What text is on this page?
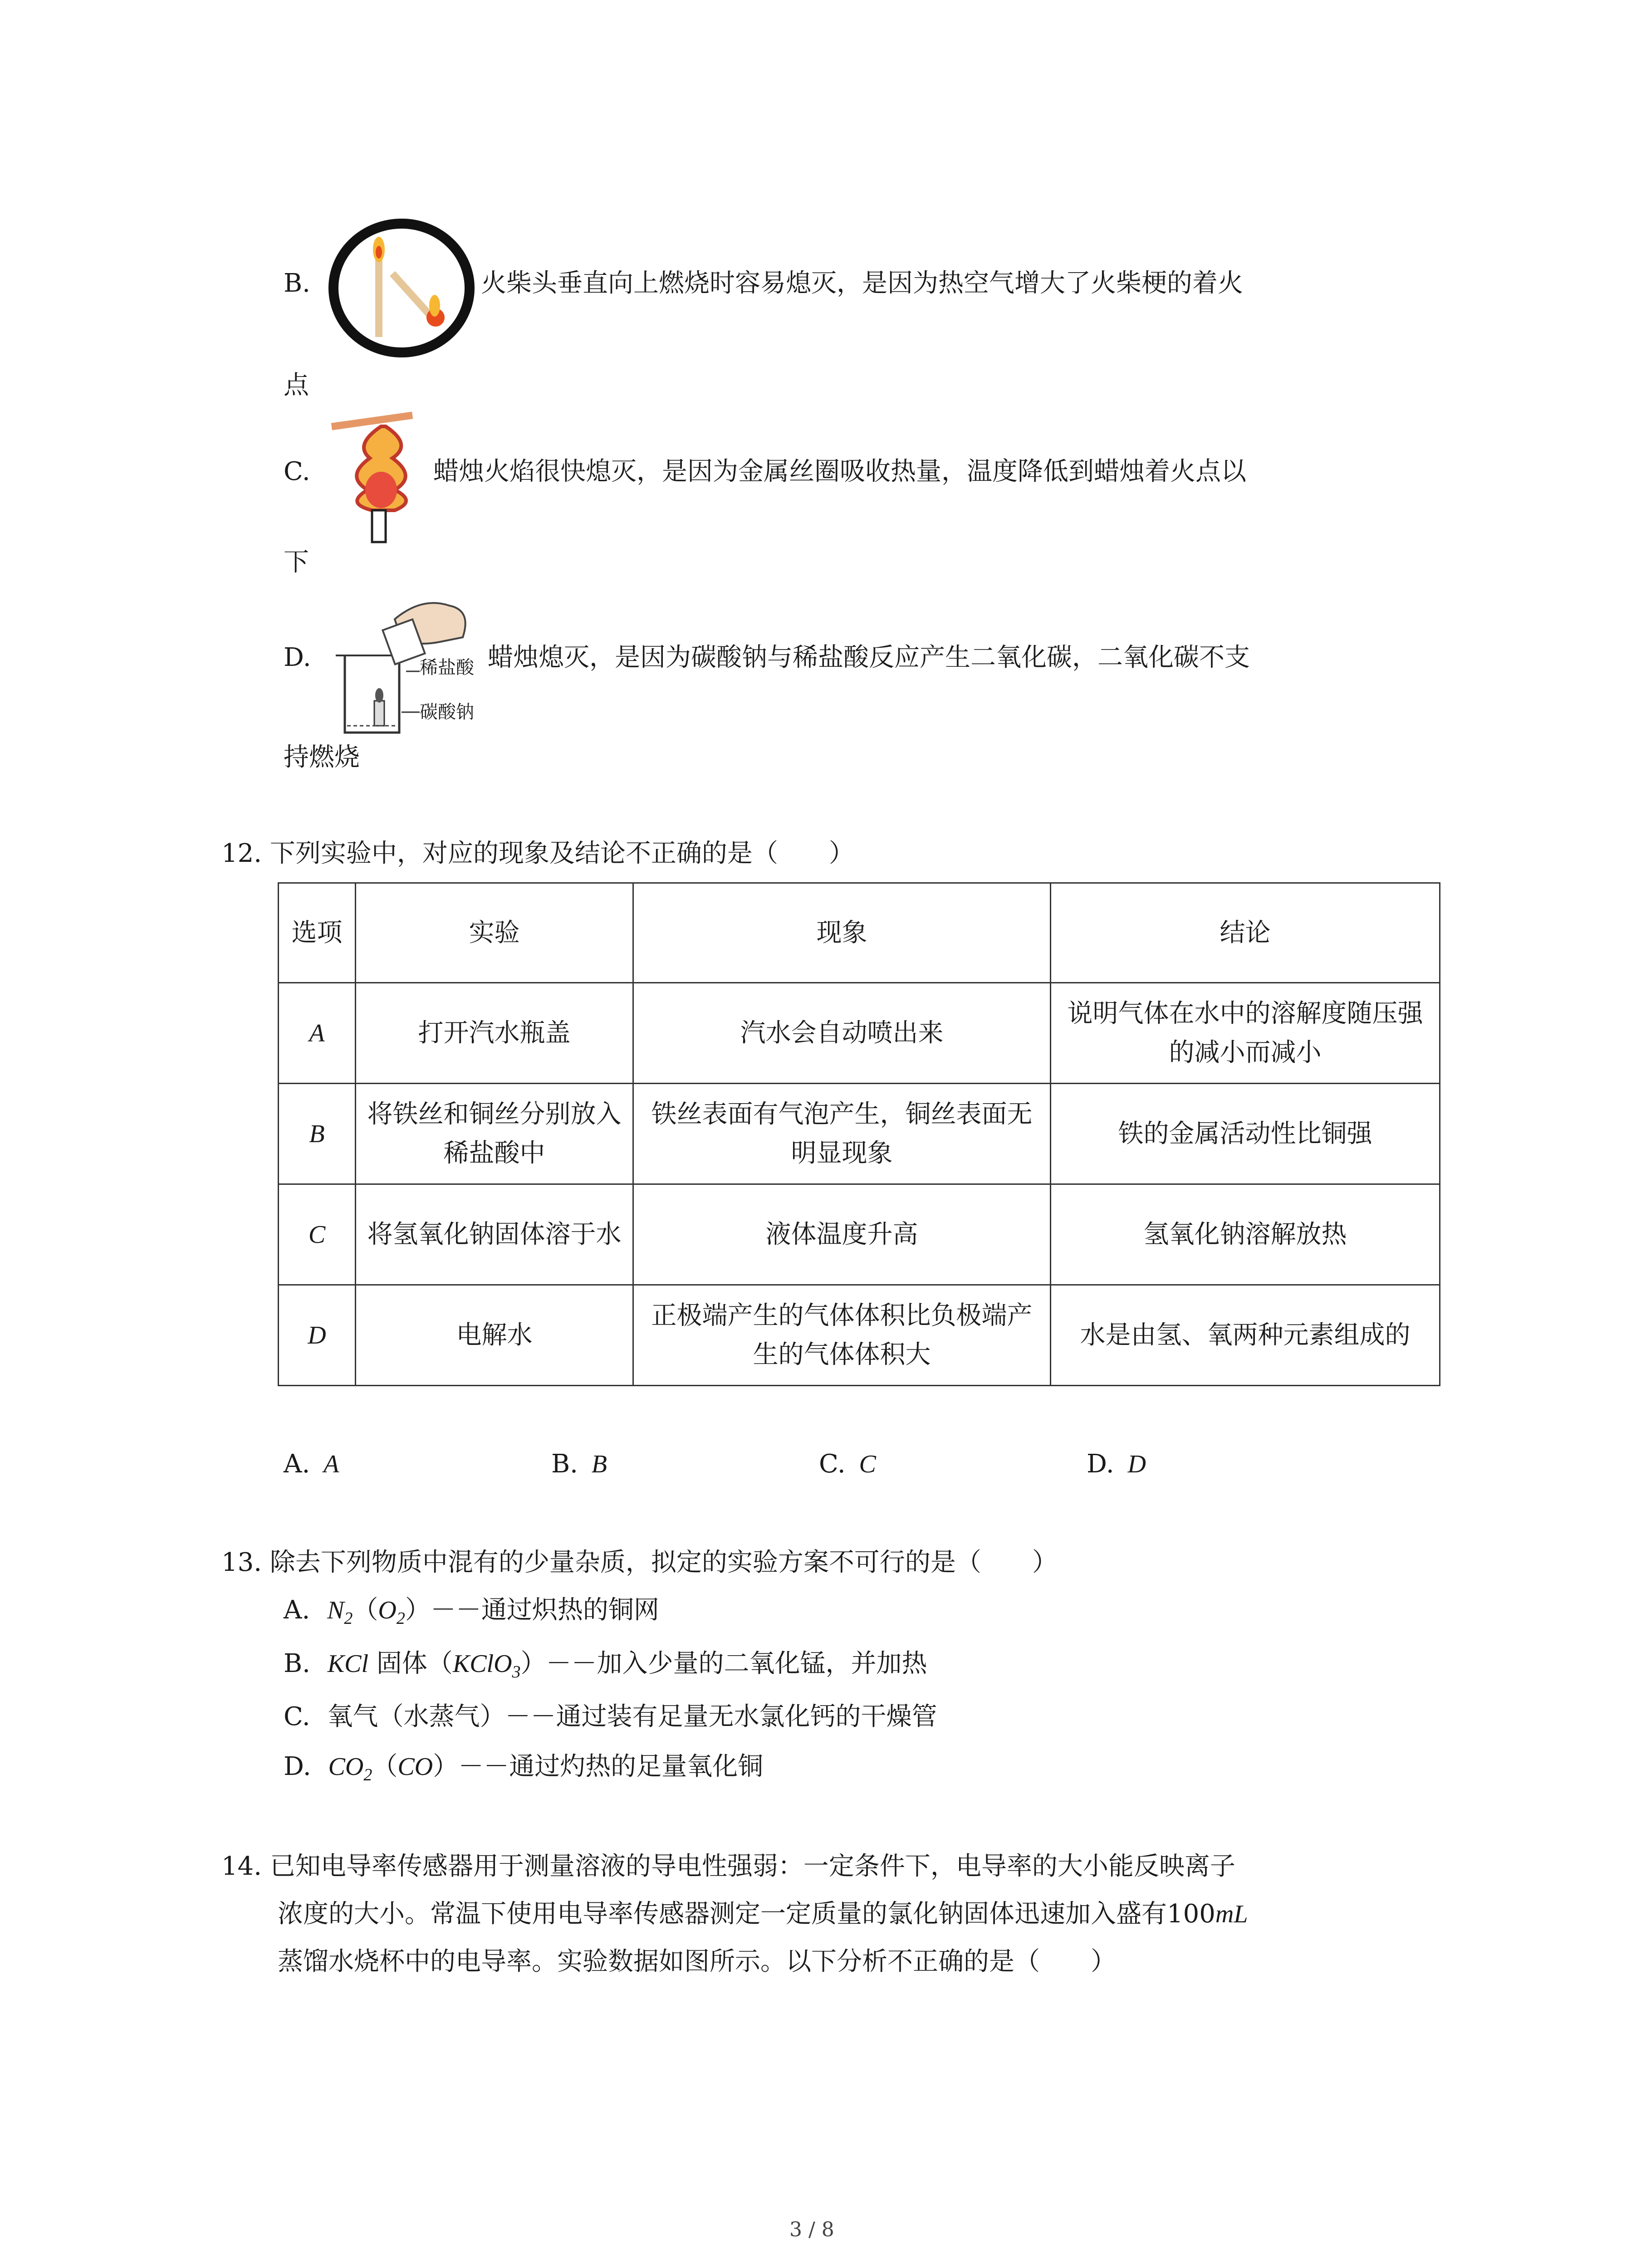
B.	火柴头垂直向上燃烧时容易熄灭，是因为热空气增大了火柴梗的着火
点
C.	蜡烛火焰很快熄灭，是因为金属丝圈吸收热量，温度降低到蜡烛着火点以
下
D.	稀盐酸
碳酸钠
蜡烛熄灭，是因为碳酸钠与稀盐酸反应产生二氧化碳，二氧化碳不支
持燃烧
12. 下列实验中，对应的现象及结论不正确的是（　　）
选项	实验	现象	结论
A	打开汽水瓶盖	汽水会自动喷出来	说明气体在水中的溶解度随压强的减小而减小
B	将铁丝和铜丝分别放入稀盐酸中	铁丝表面有气泡产生，铜丝表面无明显现象	铁的金属活动性比铜强
C	将氢氧化钠固体溶于水	液体温度升高	氢氧化钠溶解放热
D	电解水	正极端产生的气体体积比负极端产生的气体体积大	水是由氢、氧两种元素组成的
A. A	B. B	C. C	D. D
13. 除去下列物质中混有的少量杂质，拟定的实验方案不可行的是（　　）
A. $N_2(O_2)--$通过炽热的铜网
B. KCl 固体（KClO$_3$）－－加入少量的二氧化锰，并加热
C. 氧气（水蒸气）－－通过装有足量无水氯化钙的干燥管
D. $CO_2(CO)--$通过灼热的足量氧化铜
14. 已知电导率传感器用于测量溶液的导电性强弱：一定条件下，电导率的大小能反映离子
浓度的大小。常温下使用电导率传感器测定一定质量的氯化钠固体迅速加入盛有100mL
蒸馏水烧杯中的电导率。实验数据如图所示。以下分析不正确的是（　　）
3 / 8
